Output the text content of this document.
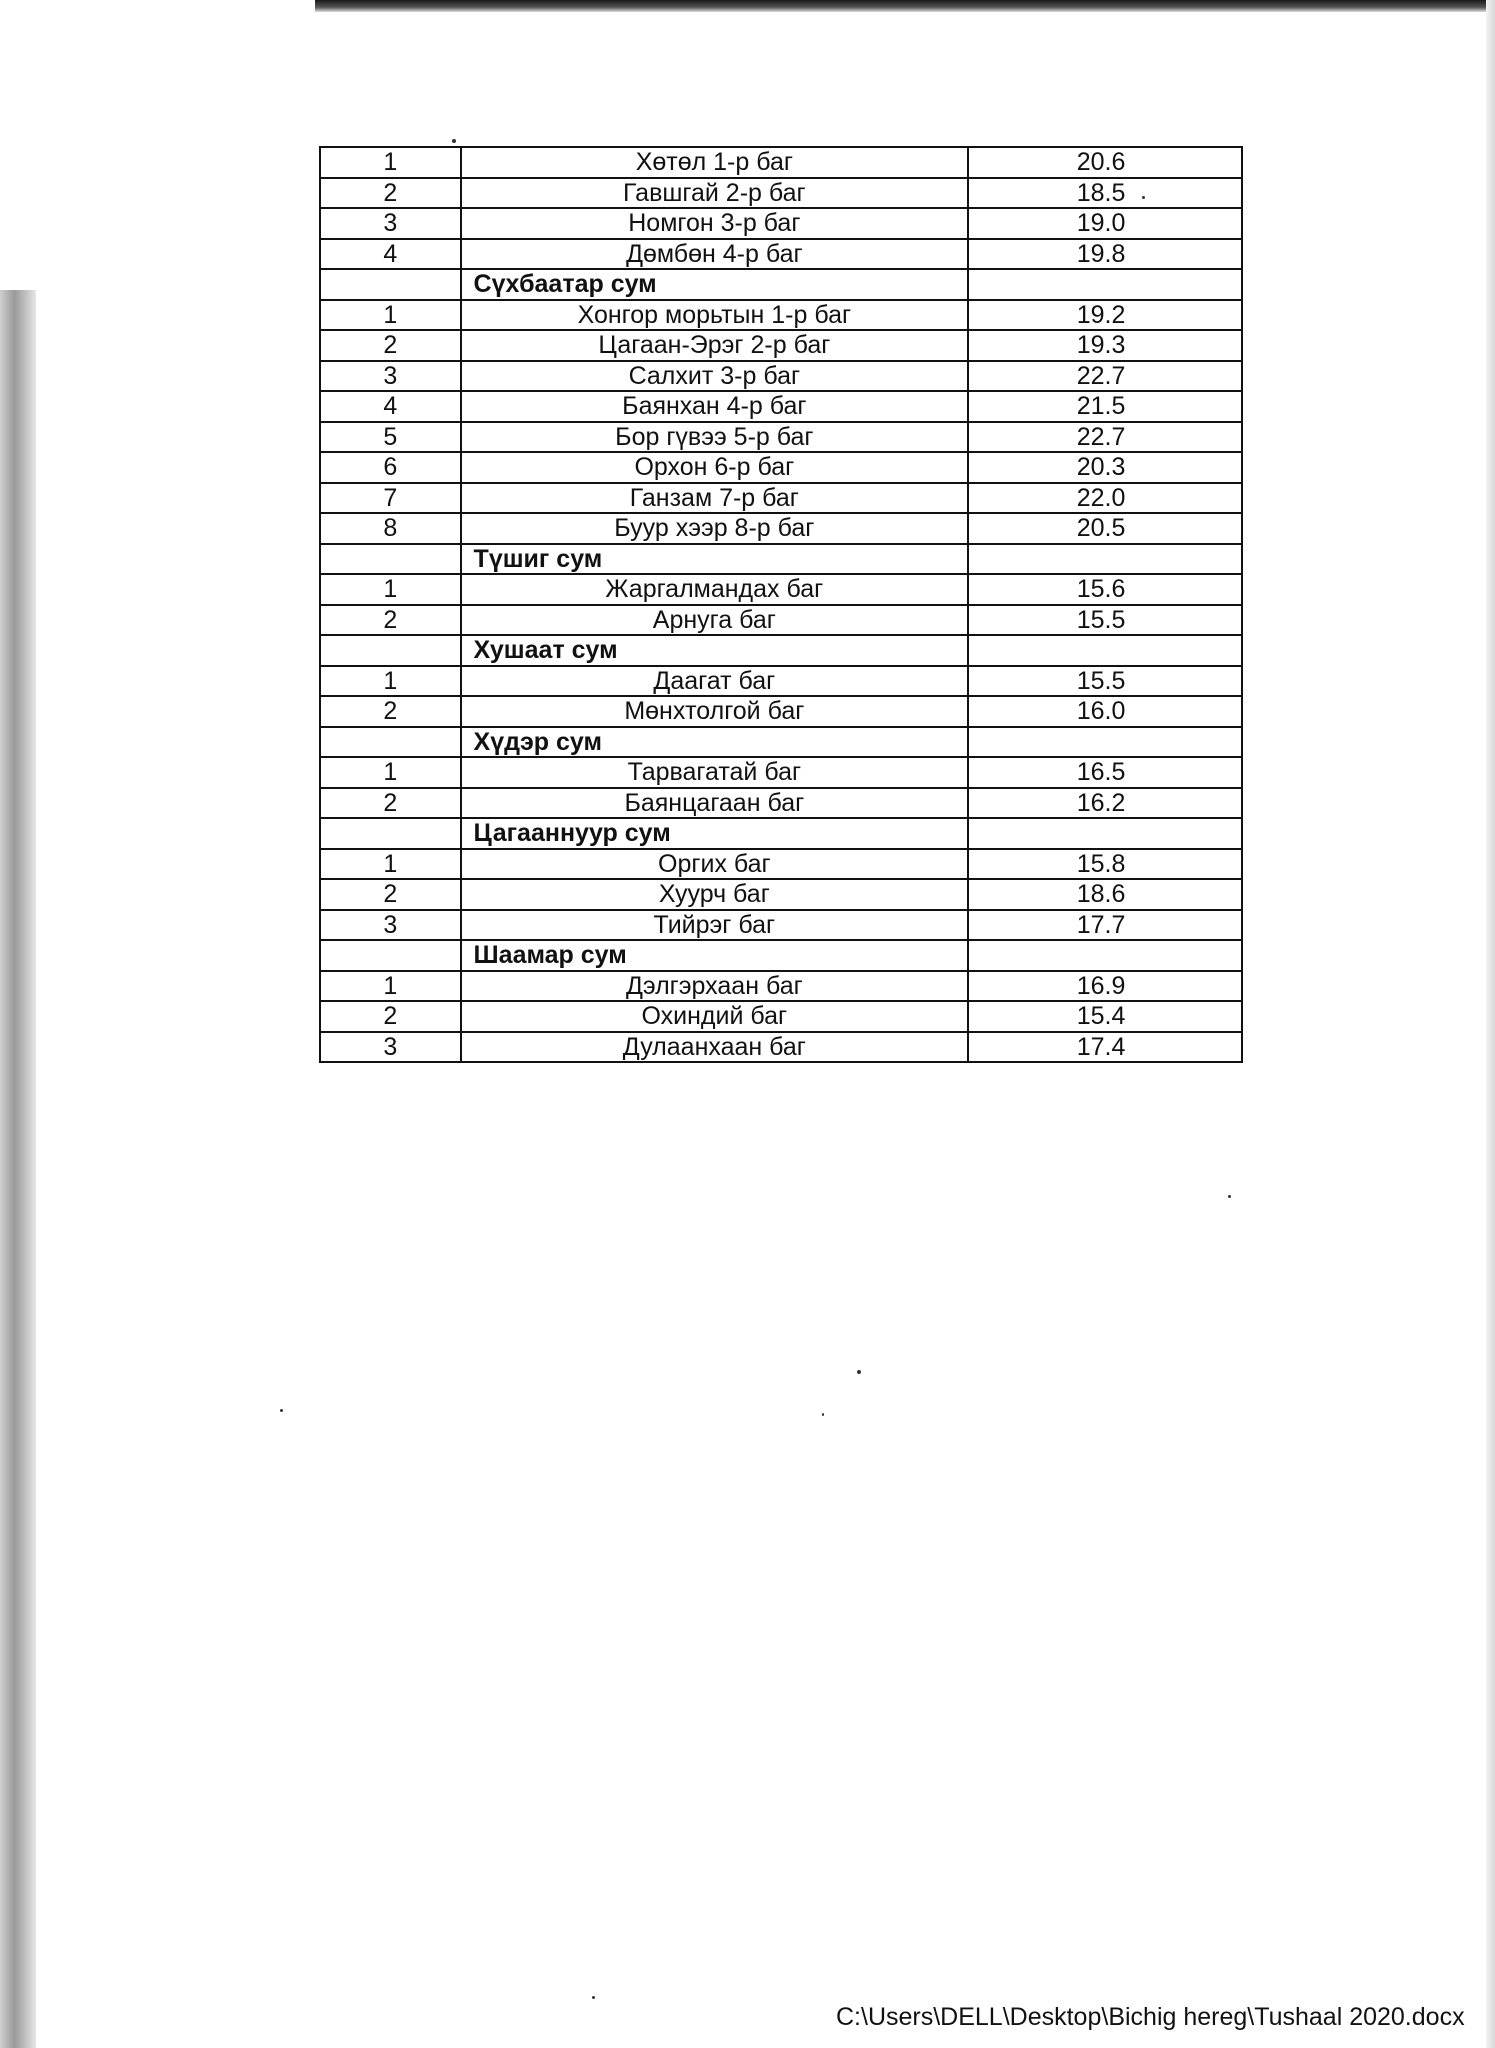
1	Хөтөл 1-р баг	20.6
2	Гавшгай 2-р баг	18.5
3	Номгон 3-р баг	19.0
4	Дөмбөн 4-р баг	19.8
	Сүхбаатар сум	
1	Хонгор морьтын 1-р баг	19.2
2	Цагаан-Эрэг 2-р баг	19.3
3	Салхит 3-р баг	22.7
4	Баянхан 4-р баг	21.5
5	Бор гүвээ 5-р баг	22.7
6	Орхон 6-р баг	20.3
7	Ганзам 7-р баг	22.0
8	Буур хээр 8-р баг	20.5
	Түшиг сум	
1	Жаргалмандах баг	15.6
2	Арнуга баг	15.5
	Хушаат сум	
1	Даагат баг	15.5
2	Мөнхтолгой баг	16.0
	Хүдэр сум	
1	Тарвагатай баг	16.5
2	Баянцагаан баг	16.2
	Цагааннуур сум	
1	Оргих баг	15.8
2	Хуурч баг	18.6
3	Тийрэг баг	17.7
	Шаамар сум	
1	Дэлгэрхаан баг	16.9
2	Охиндий баг	15.4
3	Дулаанхаан баг	17.4
C:\Users\DELL\Desktop\Bichig hereg\Tushaal 2020.docx
